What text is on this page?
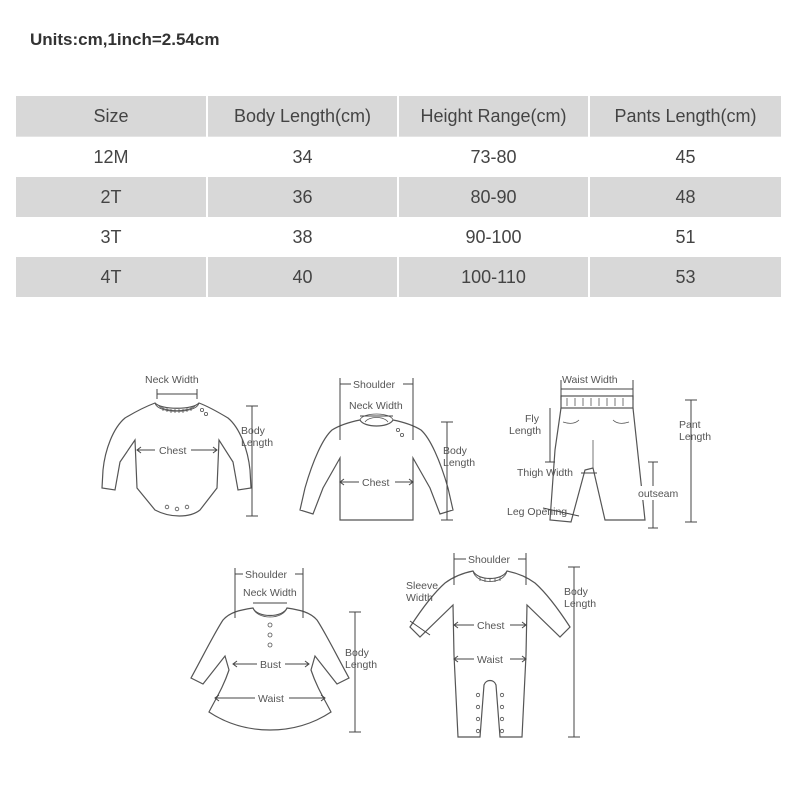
Units:cm,1inch=2.54cm
Size	Body Length(cm)	Height Range(cm)	Pants Length(cm)
12M	34	73-80	45
2T	36	80-90	48
3T	38	90-100	51
4T	40	100-110	53
Neck Width
Chest
Body
Length
Shoulder
Neck Width
Chest
Body
Length
Waist Width
Fly
Length	Pant
Length
Thigh Width
outseam
Leg Opening
Shoulder
Neck Width
Bust
Waist
Body
Length
Shoulder
Sleeve
Width
Chest
Waist
Body
Length
